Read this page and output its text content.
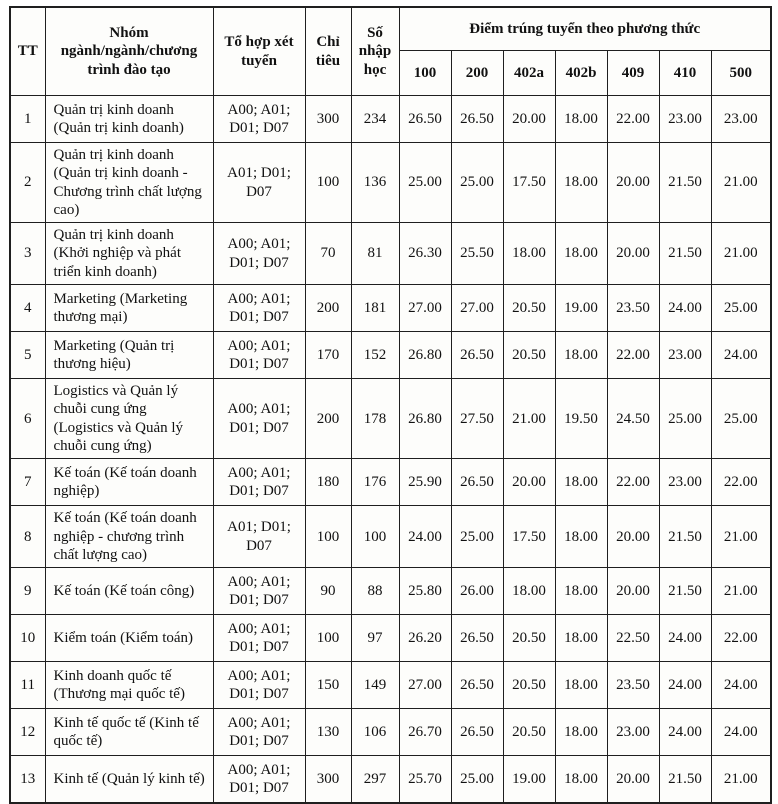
TT	Nhóm ngành/ngành/chương trình đào tạo	Tổ hợp xét tuyển	Chỉ tiêu	Số nhập học	Điểm trúng tuyển theo phương thức						
					100	200	402a	402b	409	410	500
1	Quản trị kinh doanh (Quản trị kinh doanh)	A00; A01; D01; D07	300	234	26.50	26.50	20.00	18.00	22.00	23.00	23.00
2	Quản trị kinh doanh (Quản trị kinh doanh - Chương trình chất lượng cao)	A01; D01; D07	100	136	25.00	25.00	17.50	18.00	20.00	21.50	21.00
3	Quản trị kinh doanh (Khởi nghiệp và phát triển kinh doanh)	A00; A01; D01; D07	70	81	26.30	25.50	18.00	18.00	20.00	21.50	21.00
4	Marketing (Marketing thương mại)	A00; A01; D01; D07	200	181	27.00	27.00	20.50	19.00	23.50	24.00	25.00
5	Marketing (Quản trị thương hiệu)	A00; A01; D01; D07	170	152	26.80	26.50	20.50	18.00	22.00	23.00	24.00
6	Logistics và Quản lý chuỗi cung ứng (Logistics và Quản lý chuỗi cung ứng)	A00; A01; D01; D07	200	178	26.80	27.50	21.00	19.50	24.50	25.00	25.00
7	Kế toán (Kế toán doanh nghiệp)	A00; A01; D01; D07	180	176	25.90	26.50	20.00	18.00	22.00	23.00	22.00
8	Kế toán (Kế toán doanh nghiệp - chương trình chất lượng cao)	A01; D01; D07	100	100	24.00	25.00	17.50	18.00	20.00	21.50	21.00
9	Kế toán (Kế toán công)	A00; A01; D01; D07	90	88	25.80	26.00	18.00	18.00	20.00	21.50	21.00
10	Kiểm toán (Kiểm toán)	A00; A01; D01; D07	100	97	26.20	26.50	20.50	18.00	22.50	24.00	22.00
11	Kinh doanh quốc tế (Thương mại quốc tế)	A00; A01; D01; D07	150	149	27.00	26.50	20.50	18.00	23.50	24.00	24.00
12	Kinh tế quốc tế (Kinh tế quốc tế)	A00; A01; D01; D07	130	106	26.70	26.50	20.50	18.00	23.00	24.00	24.00
13	Kinh tế (Quản lý kinh tế)	A00; A01; D01; D07	300	297	25.70	25.00	19.00	18.00	20.00	21.50	21.00
